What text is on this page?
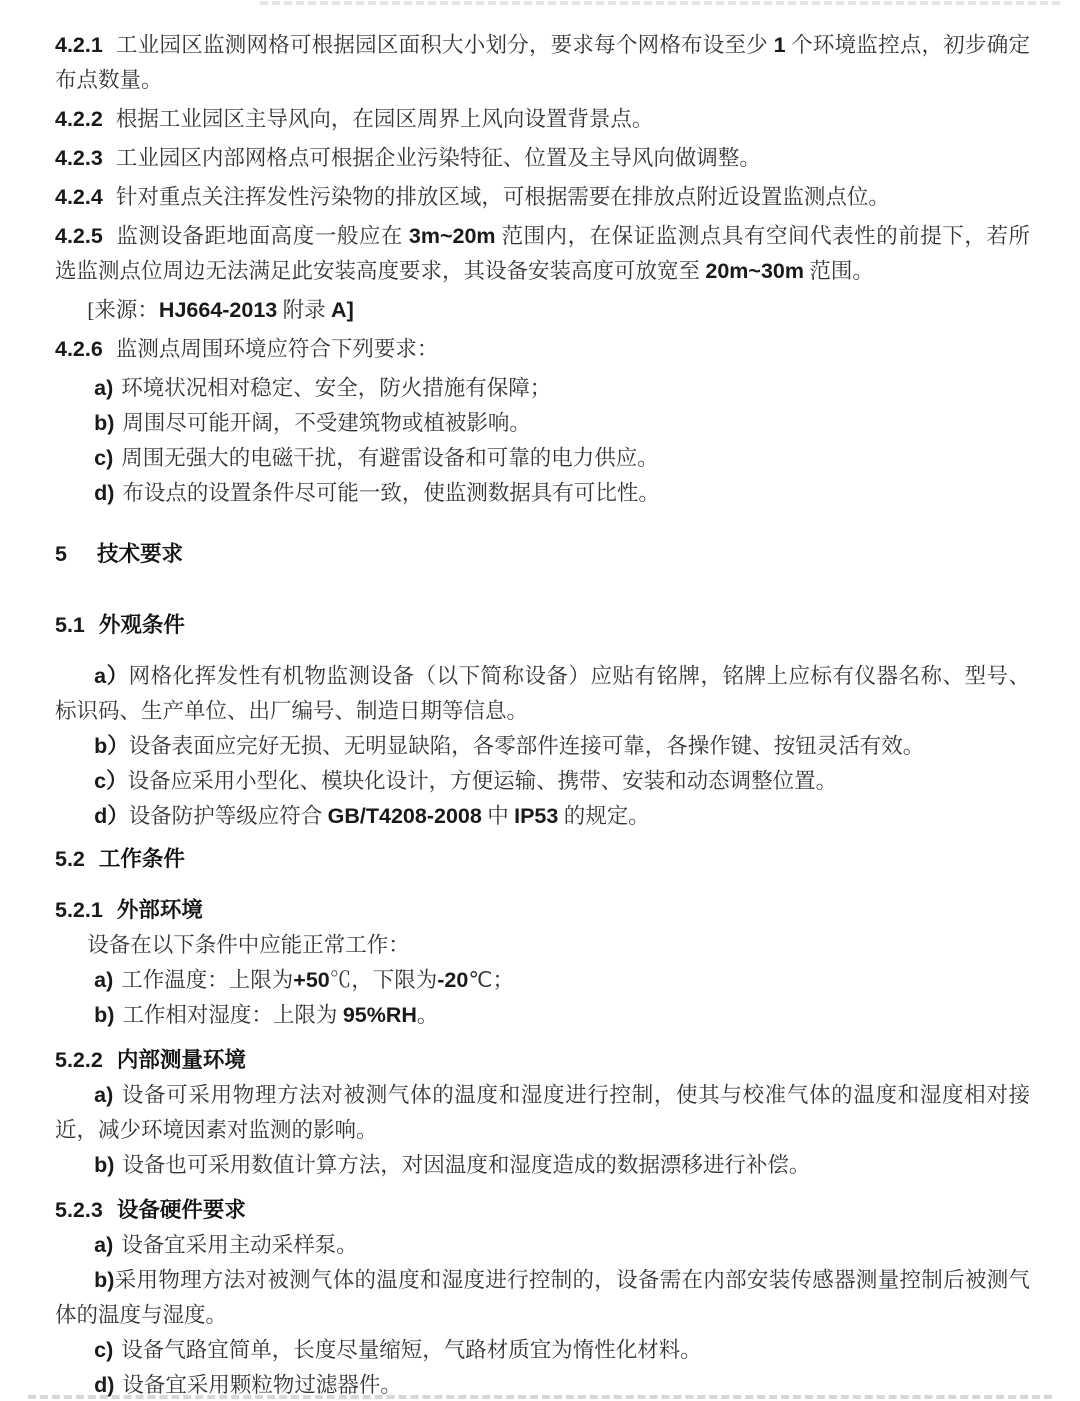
4.2.1 工业园区监测网格可根据园区面积大小划分，要求每个网格布设至少 1 个环境监控点，初步确定布点数量。

4.2.2 根据工业园区主导风向，在园区周界上风向设置背景点。

4.2.3 工业园区内部网格点可根据企业污染特征、位置及主导风向做调整。

4.2.4 针对重点关注挥发性污染物的排放区域，可根据需要在排放点附近设置监测点位。

4.2.5 监测设备距地面高度一般应在 3m~20m 范围内，在保证监测点具有空间代表性的前提下，若所选监测点位周边无法满足此安装高度要求，其设备安装高度可放宽至 20m~30m 范围。

[来源：HJ664-2013 附录 A]

4.2.6 监测点周围环境应符合下列要求：

a) 环境状况相对稳定、安全，防火措施有保障；

b) 周围尽可能开阔，不受建筑物或植被影响。

c) 周围无强大的电磁干扰，有避雷设备和可靠的电力供应。

d) 布设点的设置条件尽可能一致，使监测数据具有可比性。

5 技术要求

5.1 外观条件

a）网格化挥发性有机物监测设备（以下简称设备）应贴有铭牌，铭牌上应标有仪器名称、型号、标识码、生产单位、出厂编号、制造日期等信息。

b）设备表面应完好无损、无明显缺陷，各零部件连接可靠，各操作键、按钮灵活有效。

c）设备应采用小型化、模块化设计，方便运输、携带、安装和动态调整位置。

d）设备防护等级应符合 GB/T4208-2008 中 IP53 的规定。

5.2 工作条件

5.2.1 外部环境

设备在以下条件中应能正常工作：

a) 工作温度：上限为+50℃，下限为-20℃；

b) 工作相对湿度：上限为 95%RH。

5.2.2 内部测量环境

a) 设备可采用物理方法对被测气体的温度和湿度进行控制，使其与校准气体的温度和湿度相对接近，减少环境因素对监测的影响。

b) 设备也可采用数值计算方法，对因温度和湿度造成的数据漂移进行补偿。

5.2.3 设备硬件要求

a) 设备宜采用主动采样泵。

b)采用物理方法对被测气体的温度和湿度进行控制的，设备需在内部安装传感器测量控制后被测气体的温度与湿度。

c) 设备气路宜简单，长度尽量缩短，气路材质宜为惰性化材料。

d) 设备宜采用颗粒物过滤器件。
